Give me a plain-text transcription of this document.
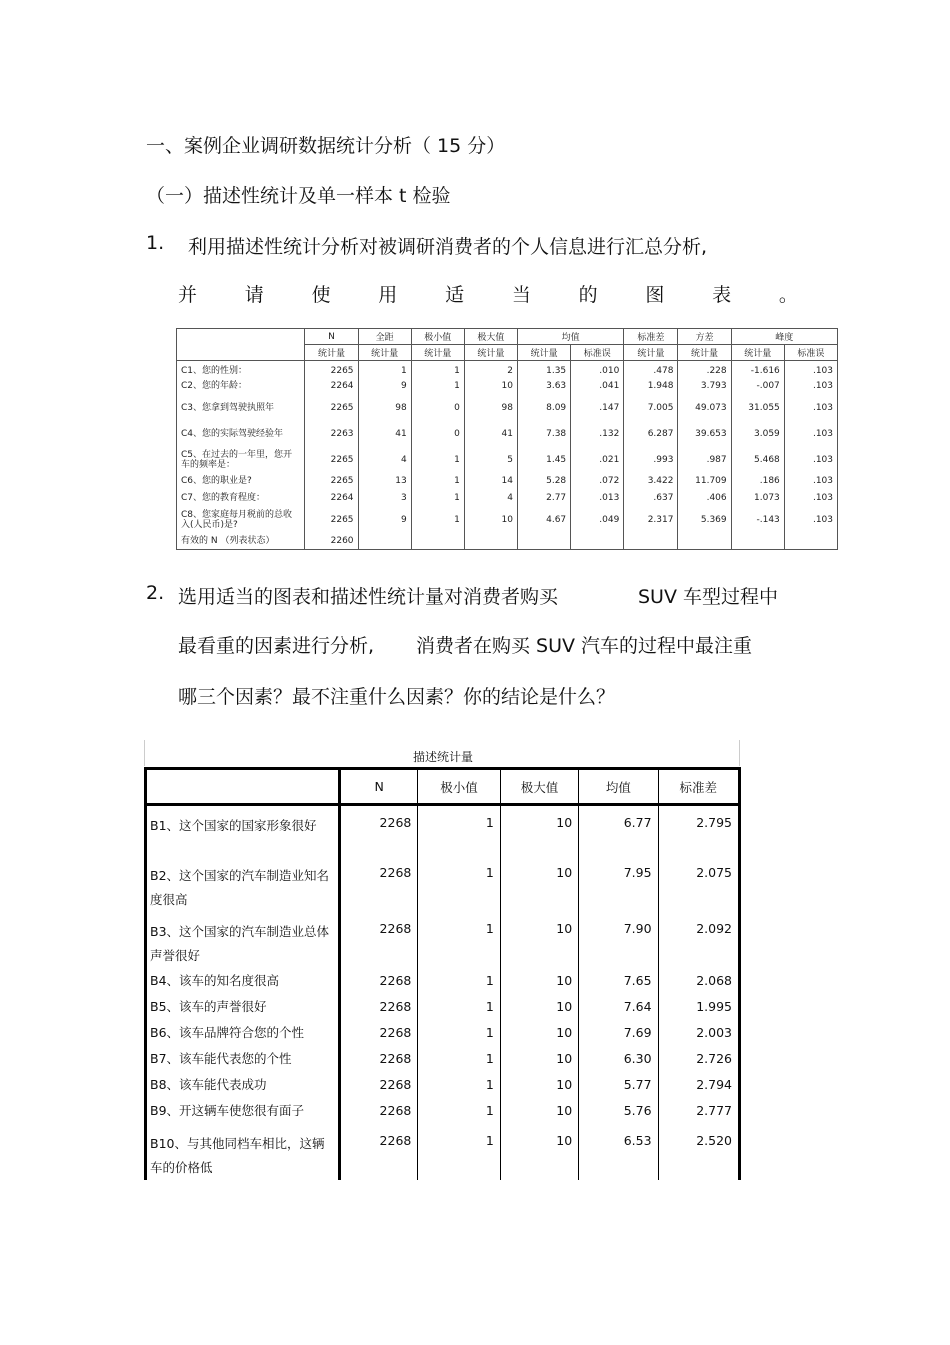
一、案例企业调研数据统计分析（ 15 分）
（一）描述性统计及单一样本 t 检验
1. 利用描述性统计分析对被调研消费者的个人信息进行汇总分析,
并	请	使	用	适	当	的	图	表	。
	N	全距	极小值	极大值	均值		标准差	方差	峰度	
	统计量	统计量	统计量	统计量	统计量	标准误	统计量	统计量	统计量	标准误
C1、您的性别：	2265	1	1	2	1.35	.010	.478	.228	-1.616	.103
C2、您的年龄：	2264	9	1	10	3.63	.041	1.948	3.793	-.007	.103
C3、您拿到驾驶执照年	2265	98	0	98	8.09	.147	7.005	49.073	31.055	.103
C4、您的实际驾驶经验年	2263	41	0	41	7.38	.132	6.287	39.653	3.059	.103
C5、在过去的一年里，您开车的频率是：	2265	4	1	5	1.45	.021	.993	.987	5.468	.103
C6、您的职业是?	2265	13	1	14	5.28	.072	3.422	11.709	.186	.103
C7、您的教育程度：	2264	3	1	4	2.77	.013	.637	.406	1.073	.103
C8、您家庭每月税前的总收入(人民币)是?	2265	9	1	10	4.67	.049	2.317	5.369	-.143	.103
有效的 N （列表状态）	2260									
2. 选用适当的图表和描述性统计量对消费者购买	SUV 车型过程中
最看重的因素进行分析, 消费者在购买 SUV 汽车的过程中最注重
哪三个因素？最不注重什么因素？你的结论是什么？
描述统计量
	N	极小值	极大值	均值	标准差
B1、这个国家的国家形象很好	2268	1	10	6.77	2.795
B2、这个国家的汽车制造业知名度很高	2268	1	10	7.95	2.075
B3、这个国家的汽车制造业总体声誉很好	2268	1	10	7.90	2.092
B4、该车的知名度很高	2268	1	10	7.65	2.068
B5、该车的声誉很好	2268	1	10	7.64	1.995
B6、该车品牌符合您的个性	2268	1	10	7.69	2.003
B7、该车能代表您的个性	2268	1	10	6.30	2.726
B8、该车能代表成功	2268	1	10	5.77	2.794
B9、开这辆车使您很有面子	2268	1	10	5.76	2.777
B10、与其他同档车相比，这辆车的价格低	2268	1	10	6.53	2.520
